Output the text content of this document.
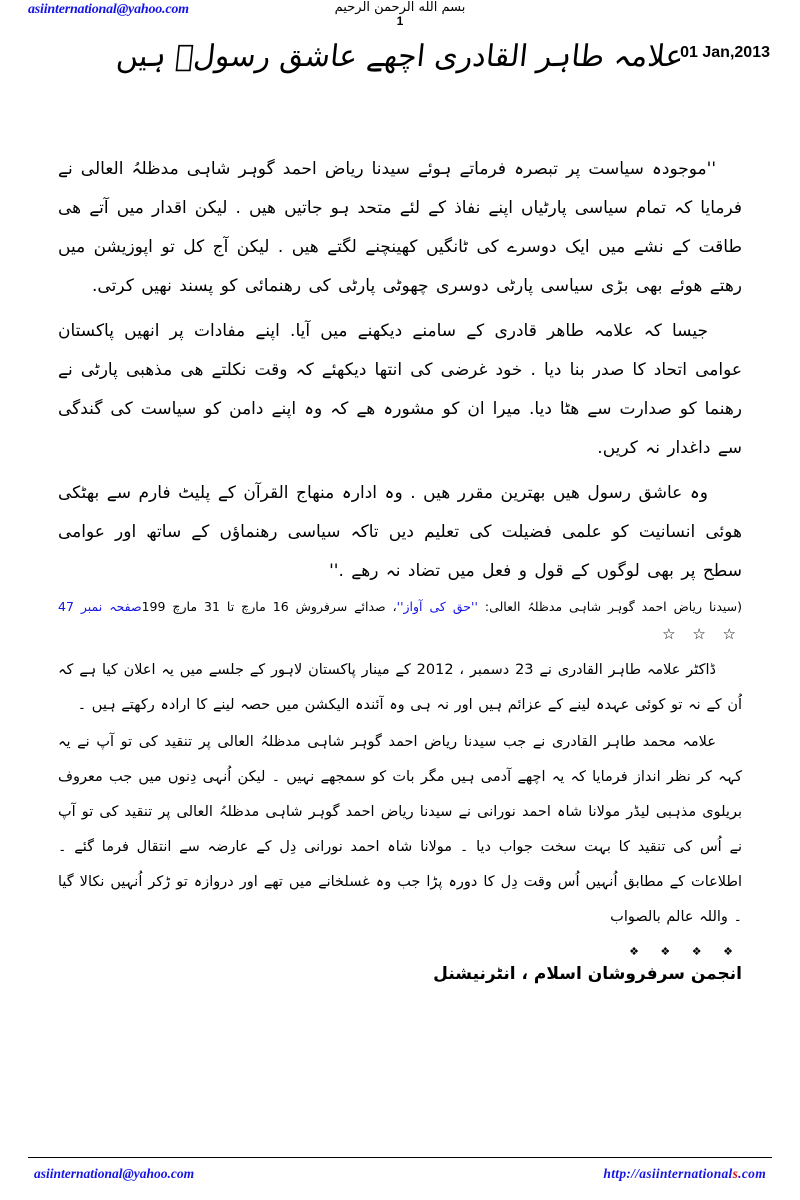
asiinternational@yahoo.com	بسم الله الرحمن الرحيم
1
01 Jan,2013
علامہ طاہر القادری اچھے عاشق رسولؐ ہیں

''موجودہ سیاست پر تبصرہ فرماتے ہوئے سیدنا ریاض احمد گوہر شاہی مدظلہُ العالی نے فرمایا کہ تمام سیاسی پارٹیاں اپنے نفاذ کے لئے متحد ہو جاتیں ھیں . لیکن اقدار میں آتے ھی طاقت کے نشے میں ایک دوسرے کی ٹانگیں کھینچنے لگتے ھیں . لیکن آج کل تو اپوزیشن میں رھتے ھوئے بھی بڑی سیاسی پارٹی دوسری چھوٹی پارٹی کی رھنمائی کو پسند نھیں کرتی.

جیسا کہ علامہ طاھر قادری کے سامنے دیکھنے میں آیا. اپنے مفادات پر انھیں پاکستان عوامی اتحاد کا صدر بنا دیا . خود غرضی کی انتھا دیکھئے کہ وقت نکلتے ھی مذھبی پارٹی نے رھنما کو صدارت سے ھٹا دیا. میرا ان کو مشورہ ھے کہ وہ اپنے دامن کو سیاست کی گندگی سے داغدار نہ کریں.

وہ عاشق رسول ھیں بھترین مقرر ھیں . وہ ادارہ منھاج القرآن کے پلیٹ فارم سے بھٹکی ھوئی انسانیت کو علمی فضیلت کی تعلیم دیں تاکہ سیاسی رھنماؤں کے ساتھ اور عوامی سطح پر بھی لوگوں کے قول و فعل میں تضاد نہ رھے .''

(سیدنا ریاض احمد گوہر شاہی مدظلہُ العالی: ''حق کی آواز''، صدائے سرفروش 16 مارچ تا 31 مارچ 199صفحہ نمبر 47
☆ ☆ ☆

ڈاکٹر علامہ طاہر القادری نے 23 دسمبر ، 2012 کے مینار پاکستان لاہور کے جلسے میں یہ اعلان کیا ہے کہ اُن کے نہ تو کوئی عہدہ لینے کے عزائم ہیں اور نہ ہی وہ آئندہ الیکشن میں حصہ لینے کا ارادہ رکھتے ہیں ۔

علامہ محمد طاہر القادری نے جب سیدنا ریاض احمد گوہر شاہی مدظلہُ العالی پر تنقید کی تو آپ نے یہ کہہ کر نظر انداز فرمایا کہ یہ اچھے آدمی ہیں مگر بات کو سمجھے نہیں ۔ لیکن اُنہی دِنوں میں جب معروف بریلوی مذہبی لیڈر مولانا شاہ احمد نورانی نے سیدنا ریاض احمد گوہر شاہی مدظلہُ العالی پر تنقید کی تو آپ نے اُس کی تنقید کا بہت سخت جواب دیا ۔ مولانا شاہ احمد نورانی دِل کے عارضہ سے انتقال فرما گئے ۔ اطلاعات کے مطابق اُنہیں اُس وقت دِل کا دورہ پڑا جب وہ غسلخانے میں تھے اور دروازہ تو ڑکر اُنہیں نکالا گیا ۔ واللہ عالم بالصواب

❖ ❖ ❖ ❖
انجمن سرفروشان اسلام ، انٹرنیشنل
asiinternational@yahoo.com	http://asiinternationals.com
